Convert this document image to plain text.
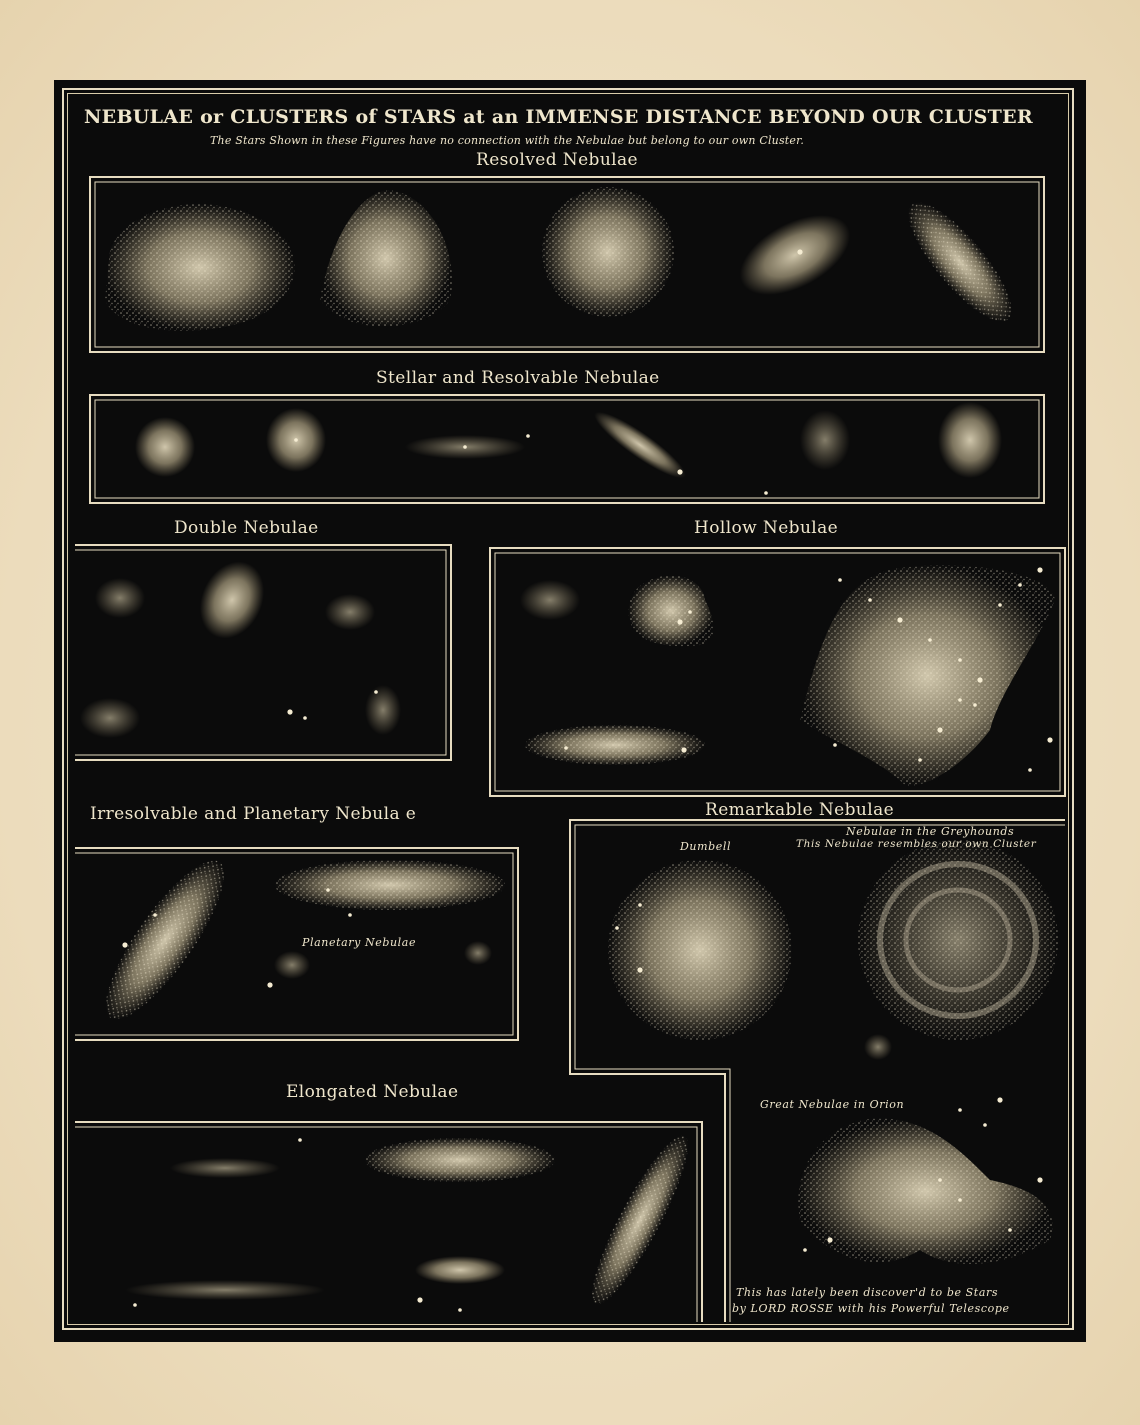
NEBULAE or CLUSTERS of STARS at an IMMENSE DISTANCE BEYOND OUR CLUSTER
The Stars Shown in these Figures have no connection with the Nebulae but belong to our own Cluster.
Resolved Nebulae
Stellar and Resolvable Nebulae
Double Nebulae	Hollow Nebulae
Irresolvable and Planetary Nebula e	Remarkable Nebulae
Elongated Nebulae
Dumbell
Nebulae in the Greyhounds
This Nebulae resembles our own Cluster
Planetary Nebulae
Great Nebulae in Orion
This has lately been discover'd to be Stars
by LORD ROSSE with his Powerful Telescope
